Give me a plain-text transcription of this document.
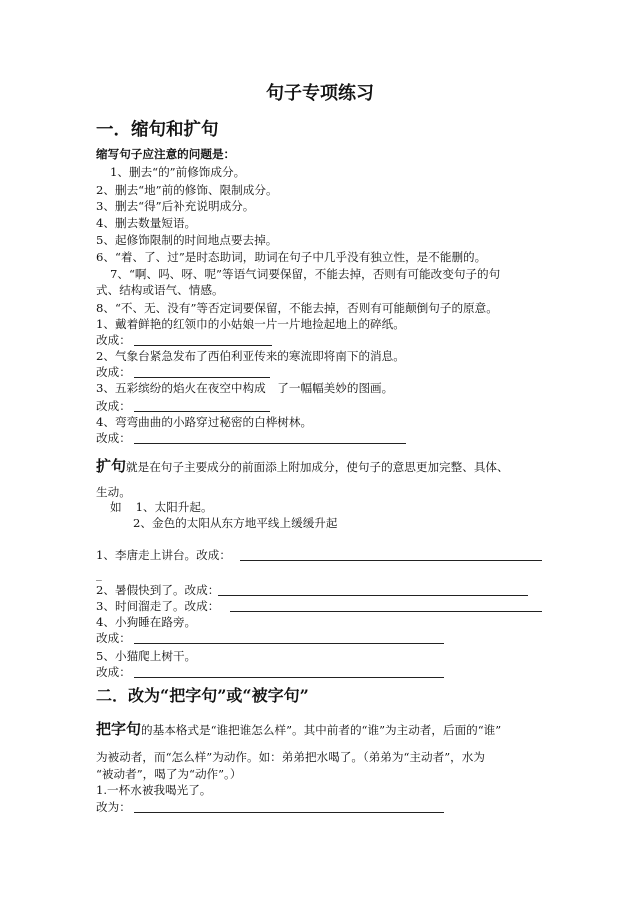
句子专项练习
一．缩句和扩句

缩写句子应注意的问题是：

1、删去“的”前修饰成分。

2、删去“地”前的修饰、限制成分。

3、删去“得”后补充说明成分。

4、删去数量短语。

5、起修饰限制的时间地点要去掉。

6、“着、了、过”是时态助词，助词在句子中几乎没有独立性，是不能删的。

7、“啊、吗、呀、呢”等语气词要保留，不能去掉，否则有可能改变句子的句

式、结构或语气、情感。

8、“不、无、没有”等否定词要保留，不能去掉，否则有可能颠倒句子的原意。

1、戴着鲜艳的红领巾的小姑娘一片一片地捡起地上的碎纸。

改成：

2、气象台紧急发布了西伯利亚传来的寒流即将南下的消息。

改成：

3、五彩缤纷的焰火在夜空中构成　了一幅幅美妙的图画。

改成：

4、弯弯曲曲的小路穿过秘密的白桦树林。

改成：

扩句就是在句子主要成分的前面添上附加成分，使句子的意思更加完整、具体、

生动。

如 1、太阳升起。

2、金色的太阳从东方地平线上缓缓升起

1、李唐走上讲台。改成：

_

2、暑假快到了。改成：

3、时间溜走了。改成：

4、小狗睡在路旁。

改成：

5、小猫爬上树干。

改成：

二．改为“把字句”或“被字句”

把字句的基本格式是“谁把谁怎么样”。其中前者的“谁”为主动者，后面的“谁”

为被动者，而“怎么样”为动作。如：弟弟把水喝了。（弟弟为“主动者”，水为

“被动者”，喝了为“动作”。）

1.一杯水被我喝光了。

改为：
